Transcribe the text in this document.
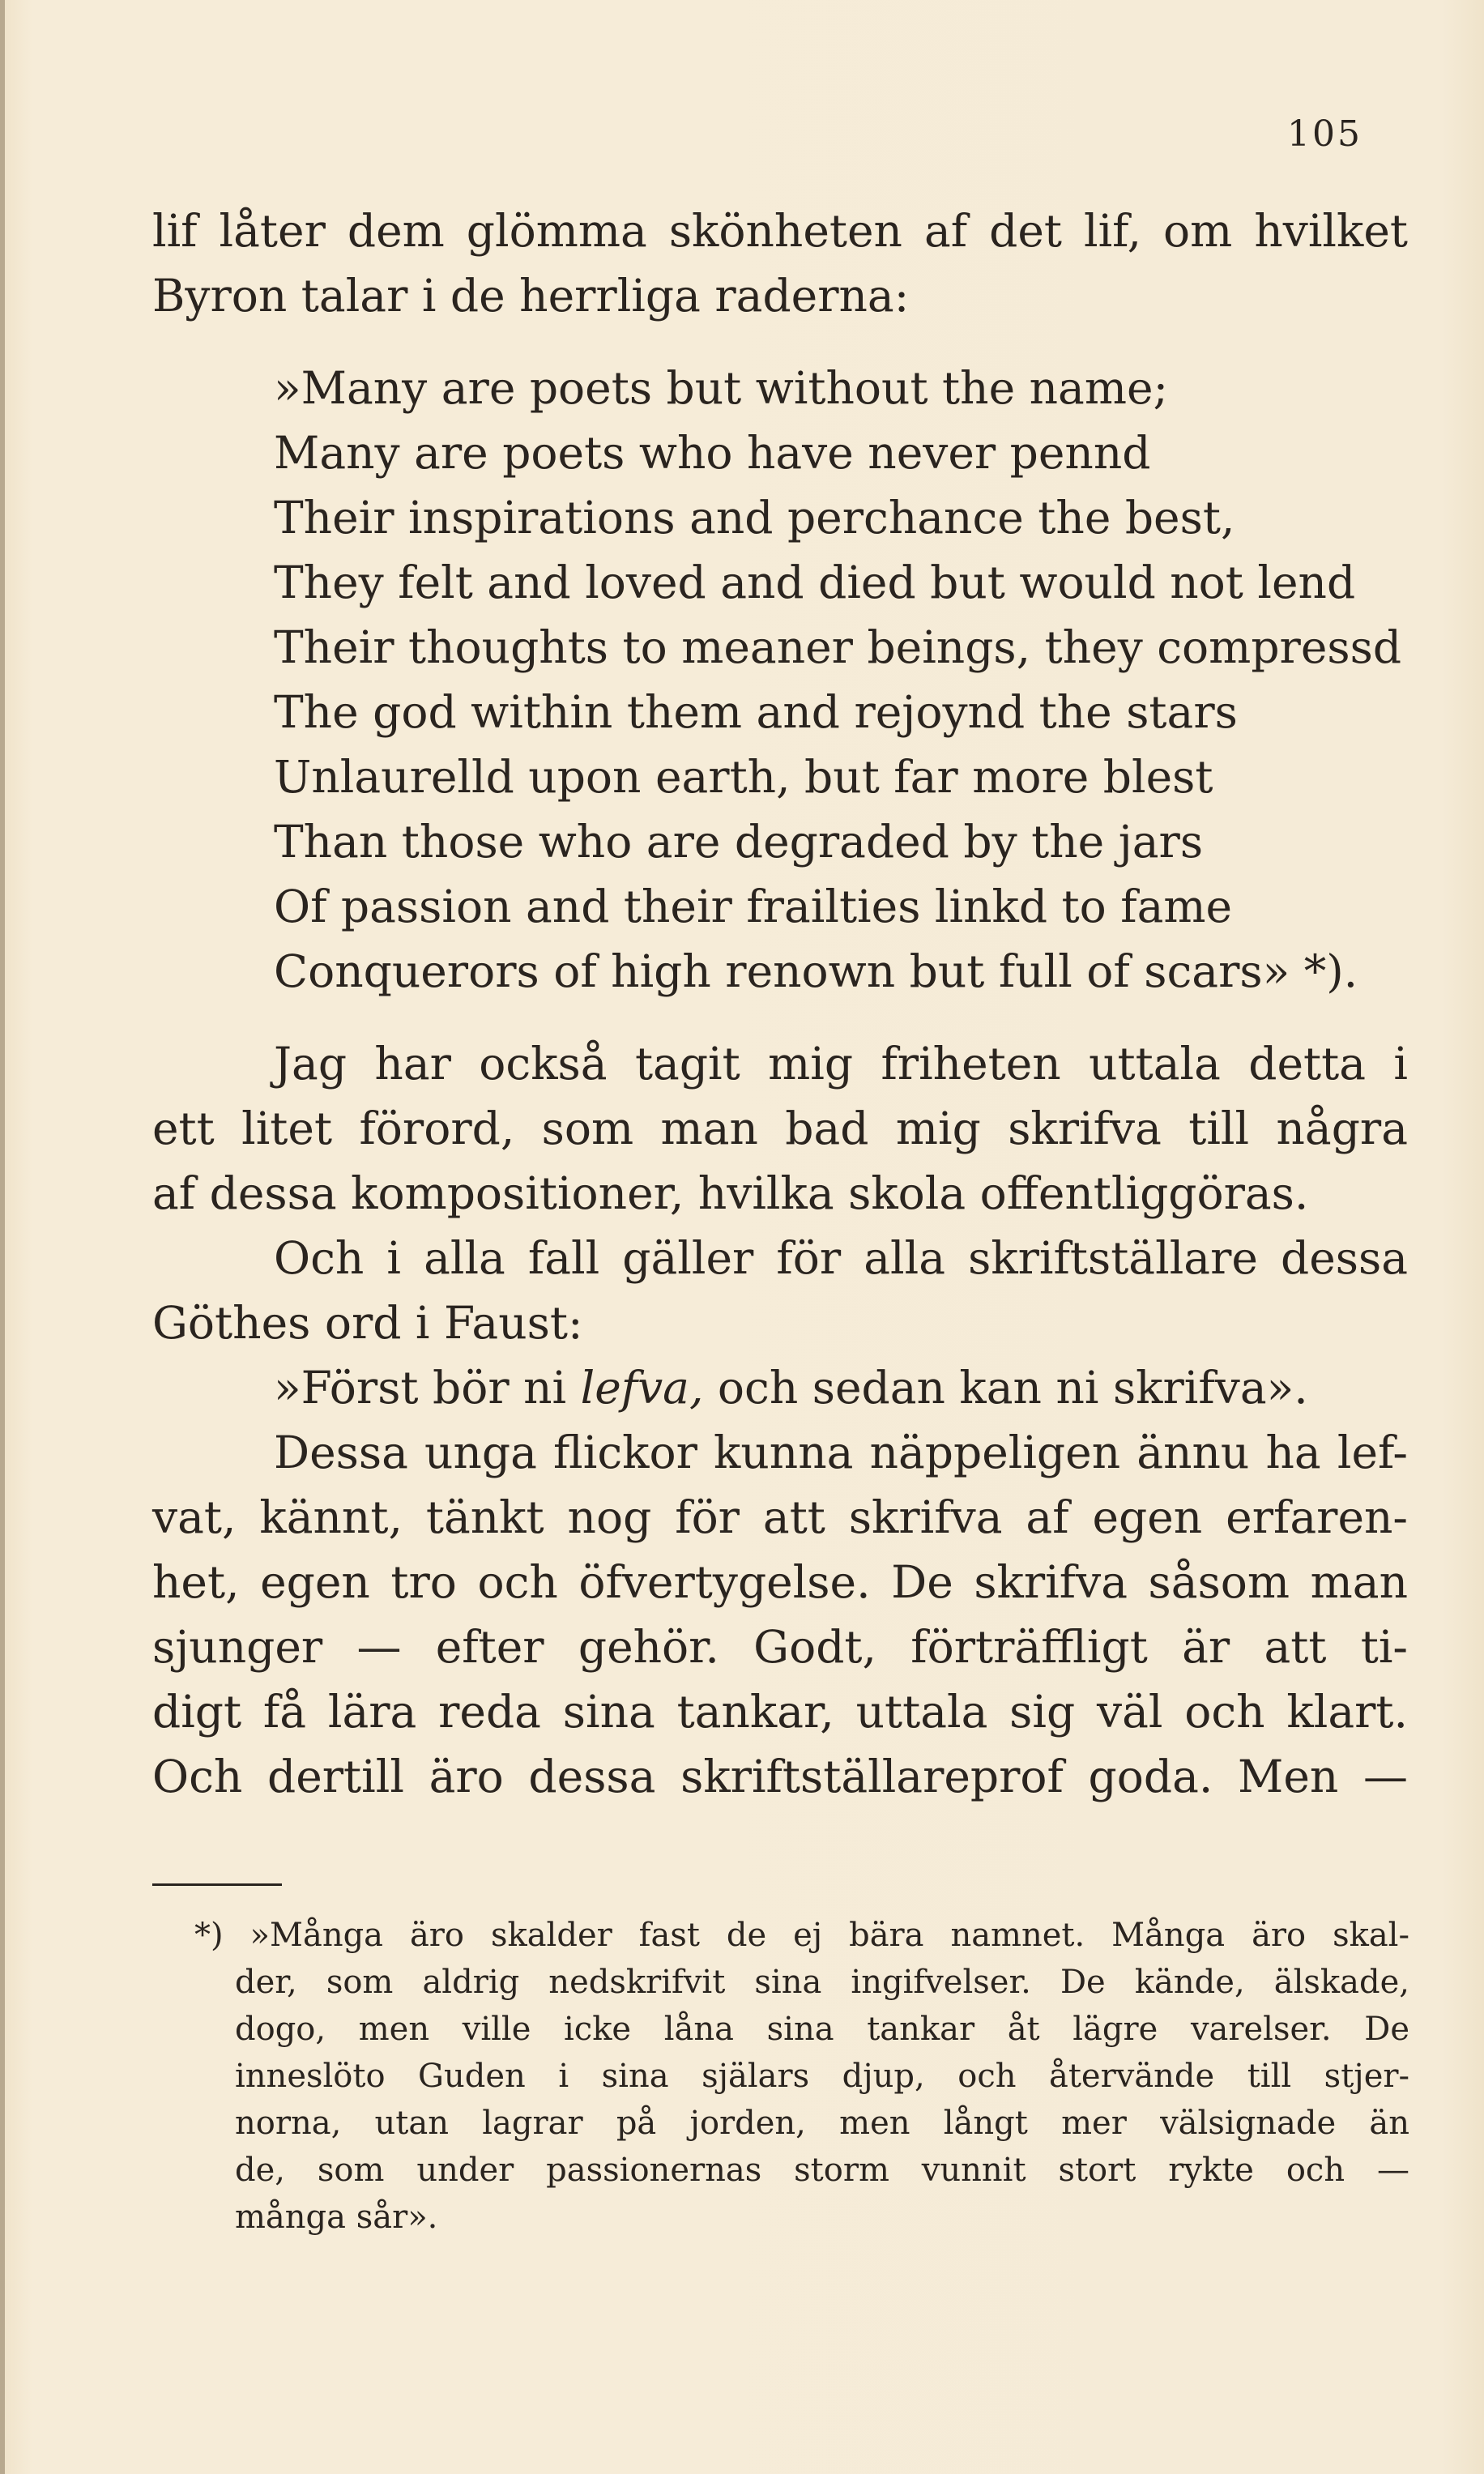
105
lif låter dem glömma skönheten af det lif, om hvilket
Byron talar i de herrliga raderna:
»Many are poets but without the name;
Many are poets who have never pennd
Their inspirations and perchance the best,
They felt and loved and died but would not lend
Their thoughts to meaner beings, they compressd
The god within them and rejoynd the stars
Unlaurelld upon earth, but far more blest
Than those who are degraded by the jars
Of passion and their frailties linkd to fame
Conquerors of high renown but full of scars» *).
Jag har också tagit mig friheten uttala detta i
ett litet förord, som man bad mig skrifva till några
af dessa kompositioner, hvilka skola offentliggöras.
Och i alla fall gäller för alla skriftställare dessa
Göthes ord i Faust:
»Först bör ni lefva, och sedan kan ni skrifva».
Dessa unga flickor kunna näppeligen ännu ha lef-
vat, kännt, tänkt nog för att skrifva af egen erfaren-
het, egen tro och öfvertygelse. De skrifva såsom man
sjunger — efter gehör. Godt, förträffligt är att ti-
digt få lära reda sina tankar, uttala sig väl och klart.
Och dertill äro dessa skriftställareprof goda. Men —
*) »Många äro skalder fast de ej bära namnet. Många äro skal-
der, som aldrig nedskrifvit sina ingifvelser. De kände, älskade,
dogo, men ville icke låna sina tankar åt lägre varelser. De
inneslöto Guden i sina själars djup, och återvände till stjer-
norna, utan lagrar på jorden, men långt mer välsignade än
de, som under passionernas storm vunnit stort rykte och —
många sår».
